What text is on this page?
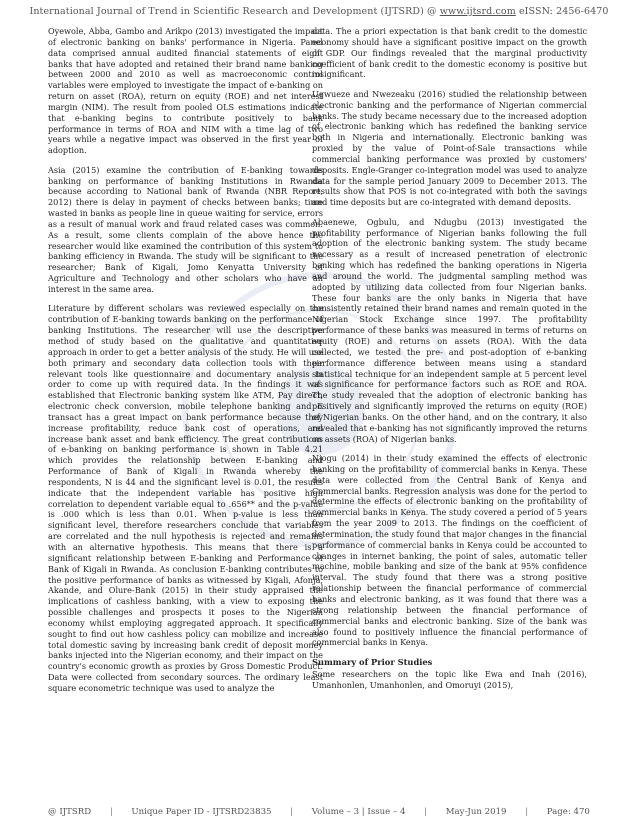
International Journal of Trend in Scientific Research and Development (IJTSRD) @ www.ijtsrd.com eISSN: 2456-6470

Oyewole, Abba, Gambo and Arikpo (2013) investigated the impact of electronic banking on banks' performance in Nigeria. Panel data comprised annual audited financial statements of eight banks that have adopted and retained their brand name banking between 2000 and 2010 as well as macroeconomic control variables were employed to investigate the impact of e-banking on return on asset (ROA), return on equity (ROE) and net interest margin (NIM). The result from pooled OLS estimations indicate that e-banking begins to contribute positively to bank performance in terms of ROA and NIM with a time lag of two years while a negative impact was observed in the first year of adoption.

Asia (2015) examine the contribution of E-banking towards banking on performance of banking Institutions in Rwanda because according to National bank of Rwanda (NBR Report, 2012) there is delay in payment of checks between banks; time wasted in banks as people line in queue waiting for service, errors as a result of manual work and fraud related cases was common. As a result, some clients complain of the above hence the researcher would like examined the contribution of this system to banking efficiency in Rwanda. The study will be significant to the researcher; Bank of Kigali, Jomo Kenyatta University of Agriculture and Technology and other scholars who have an interest in the same area.

Literature by different scholars was reviewed especially on the contribution of E-banking towards banking on the performance of banking Institutions. The researcher will use the descriptive method of study based on the qualitative and quantitative approach in order to get a better analysis of the study. He will use both primary and secondary data collection tools with their relevant tools like questionnaire and documentary analysis in order to come up with required data. In the findings it was established that Electronic banking system like ATM, Pay direct, electronic check conversion, mobile telephone banking and E transact has a great impact on bank performance because they increase profitability, reduce bank cost of operations, and increase bank asset and bank efficiency. The great contributions of e-banking on banking performance is shown in Table 4.21 which provides the relationship between E-banking and Performance of Bank of Kigali in Rwanda whereby the respondents, N is 44 and the significant level is 0.01, the results indicate that the independent variable has positive high correlation to dependent variable equal to .656** and the p-value is .000 which is less than 0.01. When p-value is less than significant level, therefore researchers conclude that variables are correlated and the null hypothesis is rejected and remains with an alternative hypothesis. This means that there is a significant relationship between E-banking and Performance of Bank of Kigali in Rwanda. As conclusion E-banking contributes to the positive performance of banks as witnessed by Kigali, Afonja, Akande, and Olure-Bank (2015) in their study appraised the implications of cashless banking, with a view to exposing the possible challenges and prospects it poses to the Nigerian economy whilst employing aggregated approach. It specifically sought to find out how cashless policy can mobilize and increase total domestic saving by increasing bank credit of deposit money banks injected into the Nigerian economy, and their impact on the country's economic growth as proxies by Gross Domestic Product. Data were collected from secondary sources. The ordinary least square econometric technique was used to analyze the

data. The a priori expectation is that bank credit to the domestic economy should have a significant positive impact on the growth of GDP. Our findings revealed that the marginal productivity coefficient of bank credit to the domestic economy is positive but insignificant.

Ugwueze and Nwezeaku (2016) studied the relationship between electronic banking and the performance of Nigerian commercial banks. The study became necessary due to the increased adoption of electronic banking which has redefined the banking service both in Nigeria and internationally. Electronic banking was proxied by the value of Point-of-Sale transactions while commercial banking performance was proxied by customers' deposits. Engle-Granger co-integration model was used to analyze data for the sample period January 2009 to December 2013. The results show that POS is not co-integrated with both the savings and time deposits but are co-integrated with demand deposits.

Abaenewe, Ogbulu, and Ndugbu (2013) investigated the profitability performance of Nigerian banks following the full adoption of the electronic banking system. The study became necessary as a result of increased penetration of electronic banking which has redefined the banking operations in Nigeria and around the world. The judgmental sampling method was adopted by utilizing data collected from four Nigerian banks. These four banks are the only banks in Nigeria that have consistently retained their brand names and remain quoted in the Nigerian Stock Exchange since 1997. The profitability performance of these banks was measured in terms of returns on equity (ROE) and returns on assets (ROA). With the data collected, we tested the pre- and post-adoption of e-banking performance difference between means using a standard statistical technique for an independent sample at 5 percent level of significance for performance factors such as ROE and ROA. The study revealed that the adoption of electronic banking has positively and significantly improved the returns on equity (ROE) of Nigerian banks. On the other hand, and on the contrary, it also revealed that e-banking has not significantly improved the returns on assets (ROA) of Nigerian banks.

Njogu (2014) in their study examined the effects of electronic banking on the profitability of commercial banks in Kenya. These data were collected from the Central Bank of Kenya and Commercial banks. Regression analysis was done for the period to determine the effects of electronic banking on the profitability of commercial banks in Kenya. The study covered a period of 5 years from the year 2009 to 2013. The findings on the coefficient of determination, the study found that major changes in the financial performance of commercial banks in Kenya could be accounted to changes in internet banking, the point of sales, automatic teller machine, mobile banking and size of the bank at 95% confidence interval. The study found that there was a strong positive relationship between the financial performance of commercial banks and electronic banking, as it was found that there was a strong relationship between the financial performance of commercial banks and electronic banking. Size of the bank was also found to positively influence the financial performance of commercial banks in Kenya.

Summary of Prior Studies

Some researchers on the topic like Ewa and Inah (2016), Umanhonlen, Umanhonlen, and Omoruyi (2015),

@ IJTSRD | Unique Paper ID - IJTSRD23835 | Volume – 3 | Issue – 4 | May-Jun 2019 | Page: 470
